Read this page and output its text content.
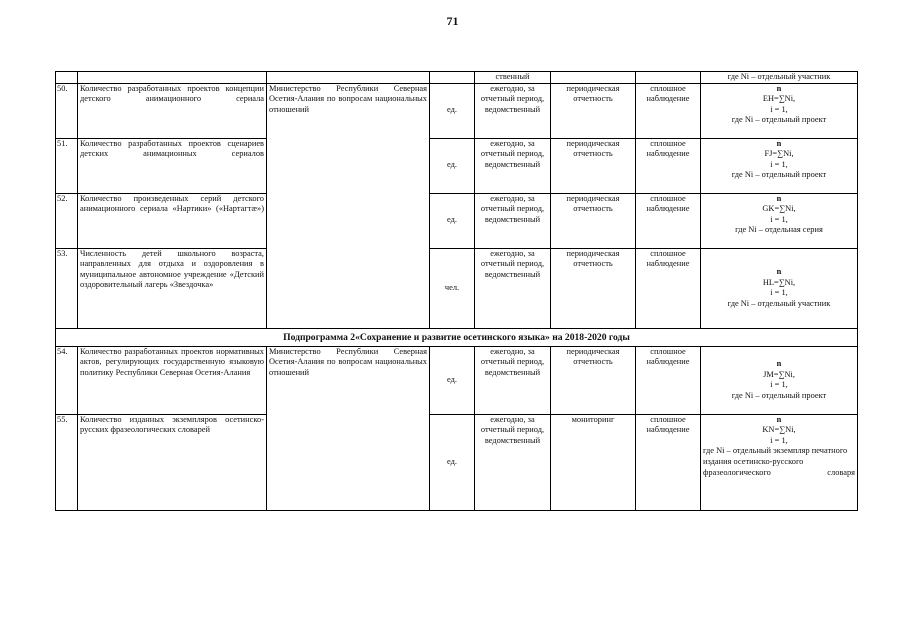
71
				ственный			где Ni – отдельный участник
50.	Количество разработанных проектов концепции детского анимационного сериала	Министерство Республики Северная Осетия-Алания по вопросам национальных отношений	ед.	ежегодно, за отчетный период, ведомственный	периодическая отчетность	сплошное наблюдение	n
EH=∑Ni,
i = 1,
где Ni – отдельный проект

51.	Количество разработанных проектов сценариев детских анимационных сериалов		ед.	ежегодно, за отчетный период, ведомственный	периодическая отчетность	сплошное наблюдение	n
FJ=∑Ni,
i = 1,
где Ni – отдельный проект

52.	Количество произведенных серий детского анимационного сериала «Нартики» («Нартагтæ»)		ед.	ежегодно, за отчетный период, ведомственный	периодическая отчетность	сплошное наблюдение	n
GK=∑Ni,
i = 1,
где Ni – отдельная серия

53.	Численность детей школьного возраста, направленных для отдыха и оздоровления в муниципальное автономное учреждение «Детский оздоровительный лагерь «Звездочка»		чел.	ежегодно, за отчетный период, ведомственный	периодическая отчетность	сплошное наблюдение	n
HL=∑Ni,
i = 1,
где Ni – отдельный участник

Подпрограмма 2«Сохранение и развитие осетинского языка» на 2018-2020 годы							
54.	Количество разработанных проектов нормативных актов, регулирующих государственную языковую политику Республики Северная Осетия-Алания	Министерство Республики Северная Осетия-Алания по вопросам национальных отношений	ед.	ежегодно, за отчетный период, ведомственный	периодическая отчетность	сплошное наблюдение	n
JM=∑Ni,
i = 1,
где Ni – отдельный проект

55.	Количество изданных экземпляров осетинско-русских фразеологических словарей		ед.	ежегодно, за отчетный период, ведомственный	мониторинг	сплошное наблюдение	n
KN=∑Ni,
i = 1,
где Ni – отдельный экземпляр печатного издания осетинско-русского фразеологического словаря
